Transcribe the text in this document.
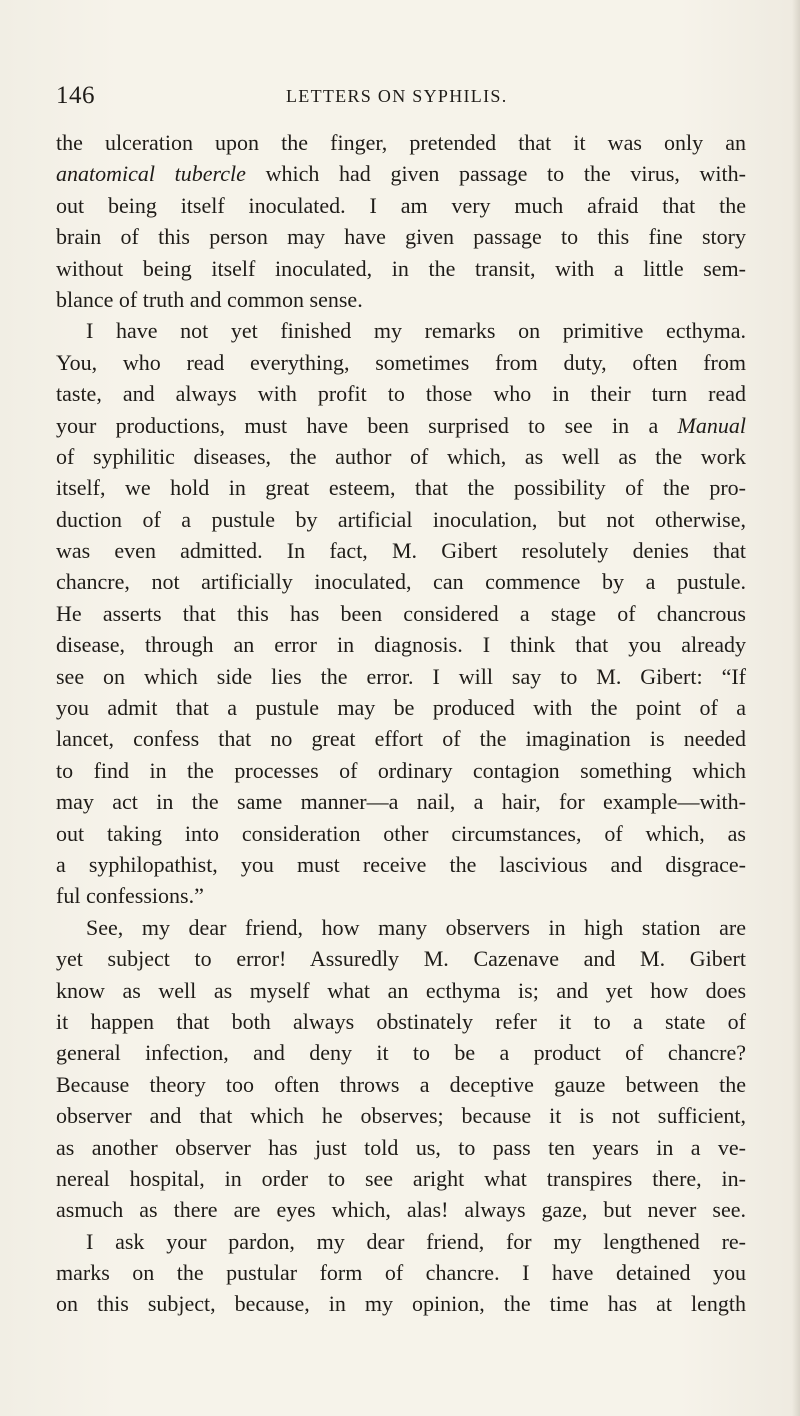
146	LETTERS ON SYPHILIS.
the ulceration upon the finger, pretended that it was only an
anatomical tubercle which had given passage to the virus, with-
out being itself inoculated. I am very much afraid that the
brain of this person may have given passage to this fine story
without being itself inoculated, in the transit, with a little sem-
blance of truth and common sense.
I have not yet finished my remarks on primitive ecthyma.
You, who read everything, sometimes from duty, often from
taste, and always with profit to those who in their turn read
your productions, must have been surprised to see in a Manual
of syphilitic diseases, the author of which, as well as the work
itself, we hold in great esteem, that the possibility of the pro-
duction of a pustule by artificial inoculation, but not otherwise,
was even admitted. In fact, M. Gibert resolutely denies that
chancre, not artificially inoculated, can commence by a pustule.
He asserts that this has been considered a stage of chancrous
disease, through an error in diagnosis. I think that you already
see on which side lies the error. I will say to M. Gibert: “If
you admit that a pustule may be produced with the point of a
lancet, confess that no great effort of the imagination is needed
to find in the processes of ordinary contagion something which
may act in the same manner—a nail, a hair, for example—with-
out taking into consideration other circumstances, of which, as
a syphilopathist, you must receive the lascivious and disgrace-
ful confessions.”
See, my dear friend, how many observers in high station are
yet subject to error! Assuredly M. Cazenave and M. Gibert
know as well as myself what an ecthyma is; and yet how does
it happen that both always obstinately refer it to a state of
general infection, and deny it to be a product of chancre?
Because theory too often throws a deceptive gauze between the
observer and that which he observes; because it is not sufficient,
as another observer has just told us, to pass ten years in a ve-
nereal hospital, in order to see aright what transpires there, in-
asmuch as there are eyes which, alas! always gaze, but never see.
I ask your pardon, my dear friend, for my lengthened re-
marks on the pustular form of chancre. I have detained you
on this subject, because, in my opinion, the time has at length
